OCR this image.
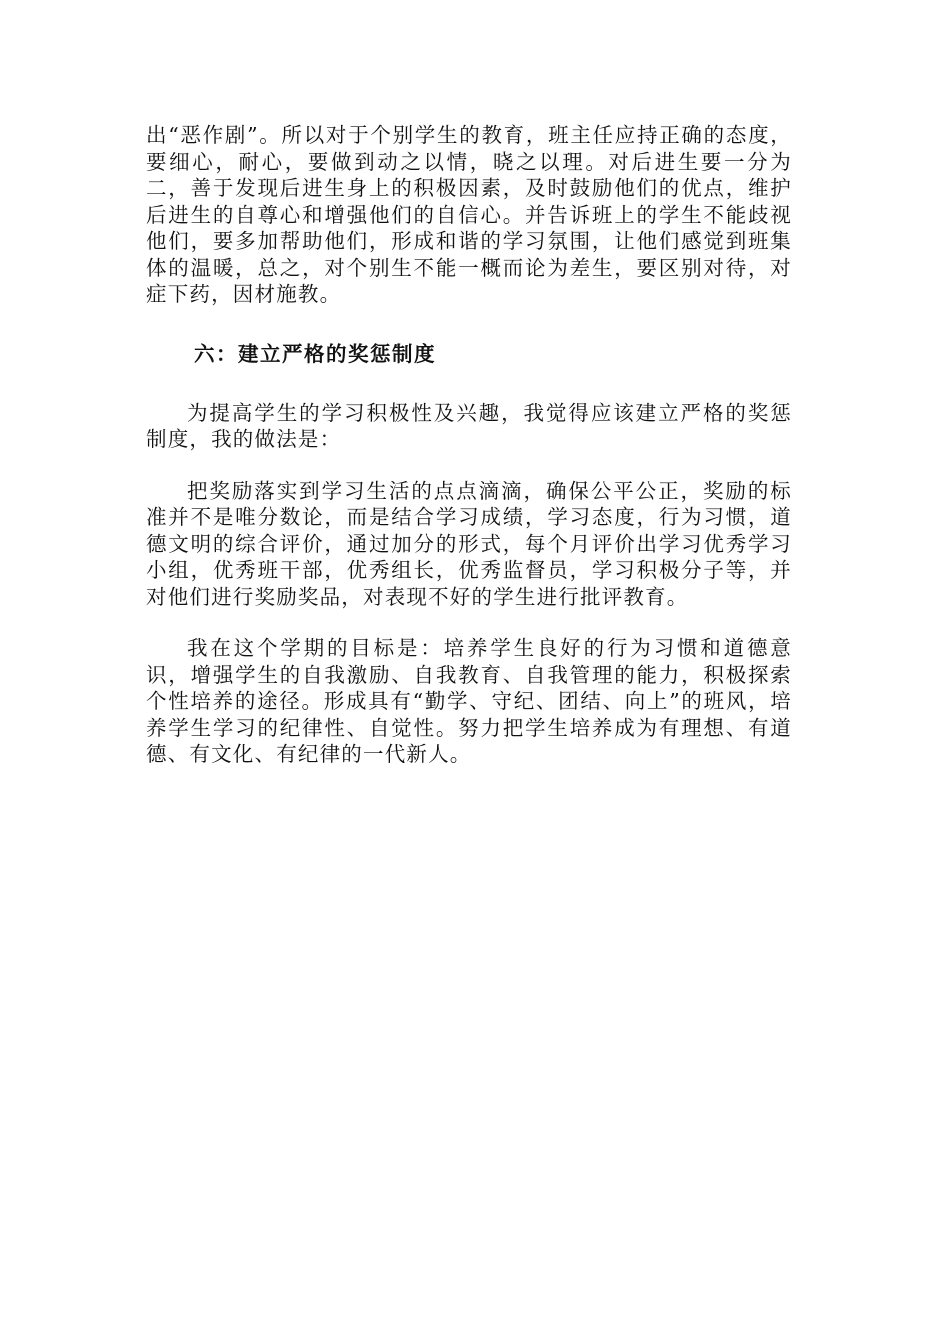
出“恶作剧”。所以对于个别学生的教育，班主任应持正确的态度，要细心，耐心，要做到动之以情，晓之以理。对后进生要一分为二，善于发现后进生身上的积极因素，及时鼓励他们的优点，维护后进生的自尊心和增强他们的自信心。并告诉班上的学生不能歧视他们，要多加帮助他们，形成和谐的学习氛围，让他们感觉到班集体的温暖，总之，对个别生不能一概而论为差生，要区别对待，对症下药，因材施教。

六：建立严格的奖惩制度

为提高学生的学习积极性及兴趣，我觉得应该建立严格的奖惩制度，我的做法是：

把奖励落实到学习生活的点点滴滴，确保公平公正，奖励的标准并不是唯分数论，而是结合学习成绩，学习态度，行为习惯，道德文明的综合评价，通过加分的形式，每个月评价出学习优秀学习小组，优秀班干部，优秀组长，优秀监督员，学习积极分子等，并对他们进行奖励奖品，对表现不好的学生进行批评教育。

我在这个学期的目标是：培养学生良好的行为习惯和道德意识，增强学生的自我激励、自我教育、自我管理的能力，积极探索个性培养的途径。形成具有“勤学、守纪、团结、向上”的班风，培养学生学习的纪律性、自觉性。努力把学生培养成为有理想、有道德、有文化、有纪律的一代新人。
